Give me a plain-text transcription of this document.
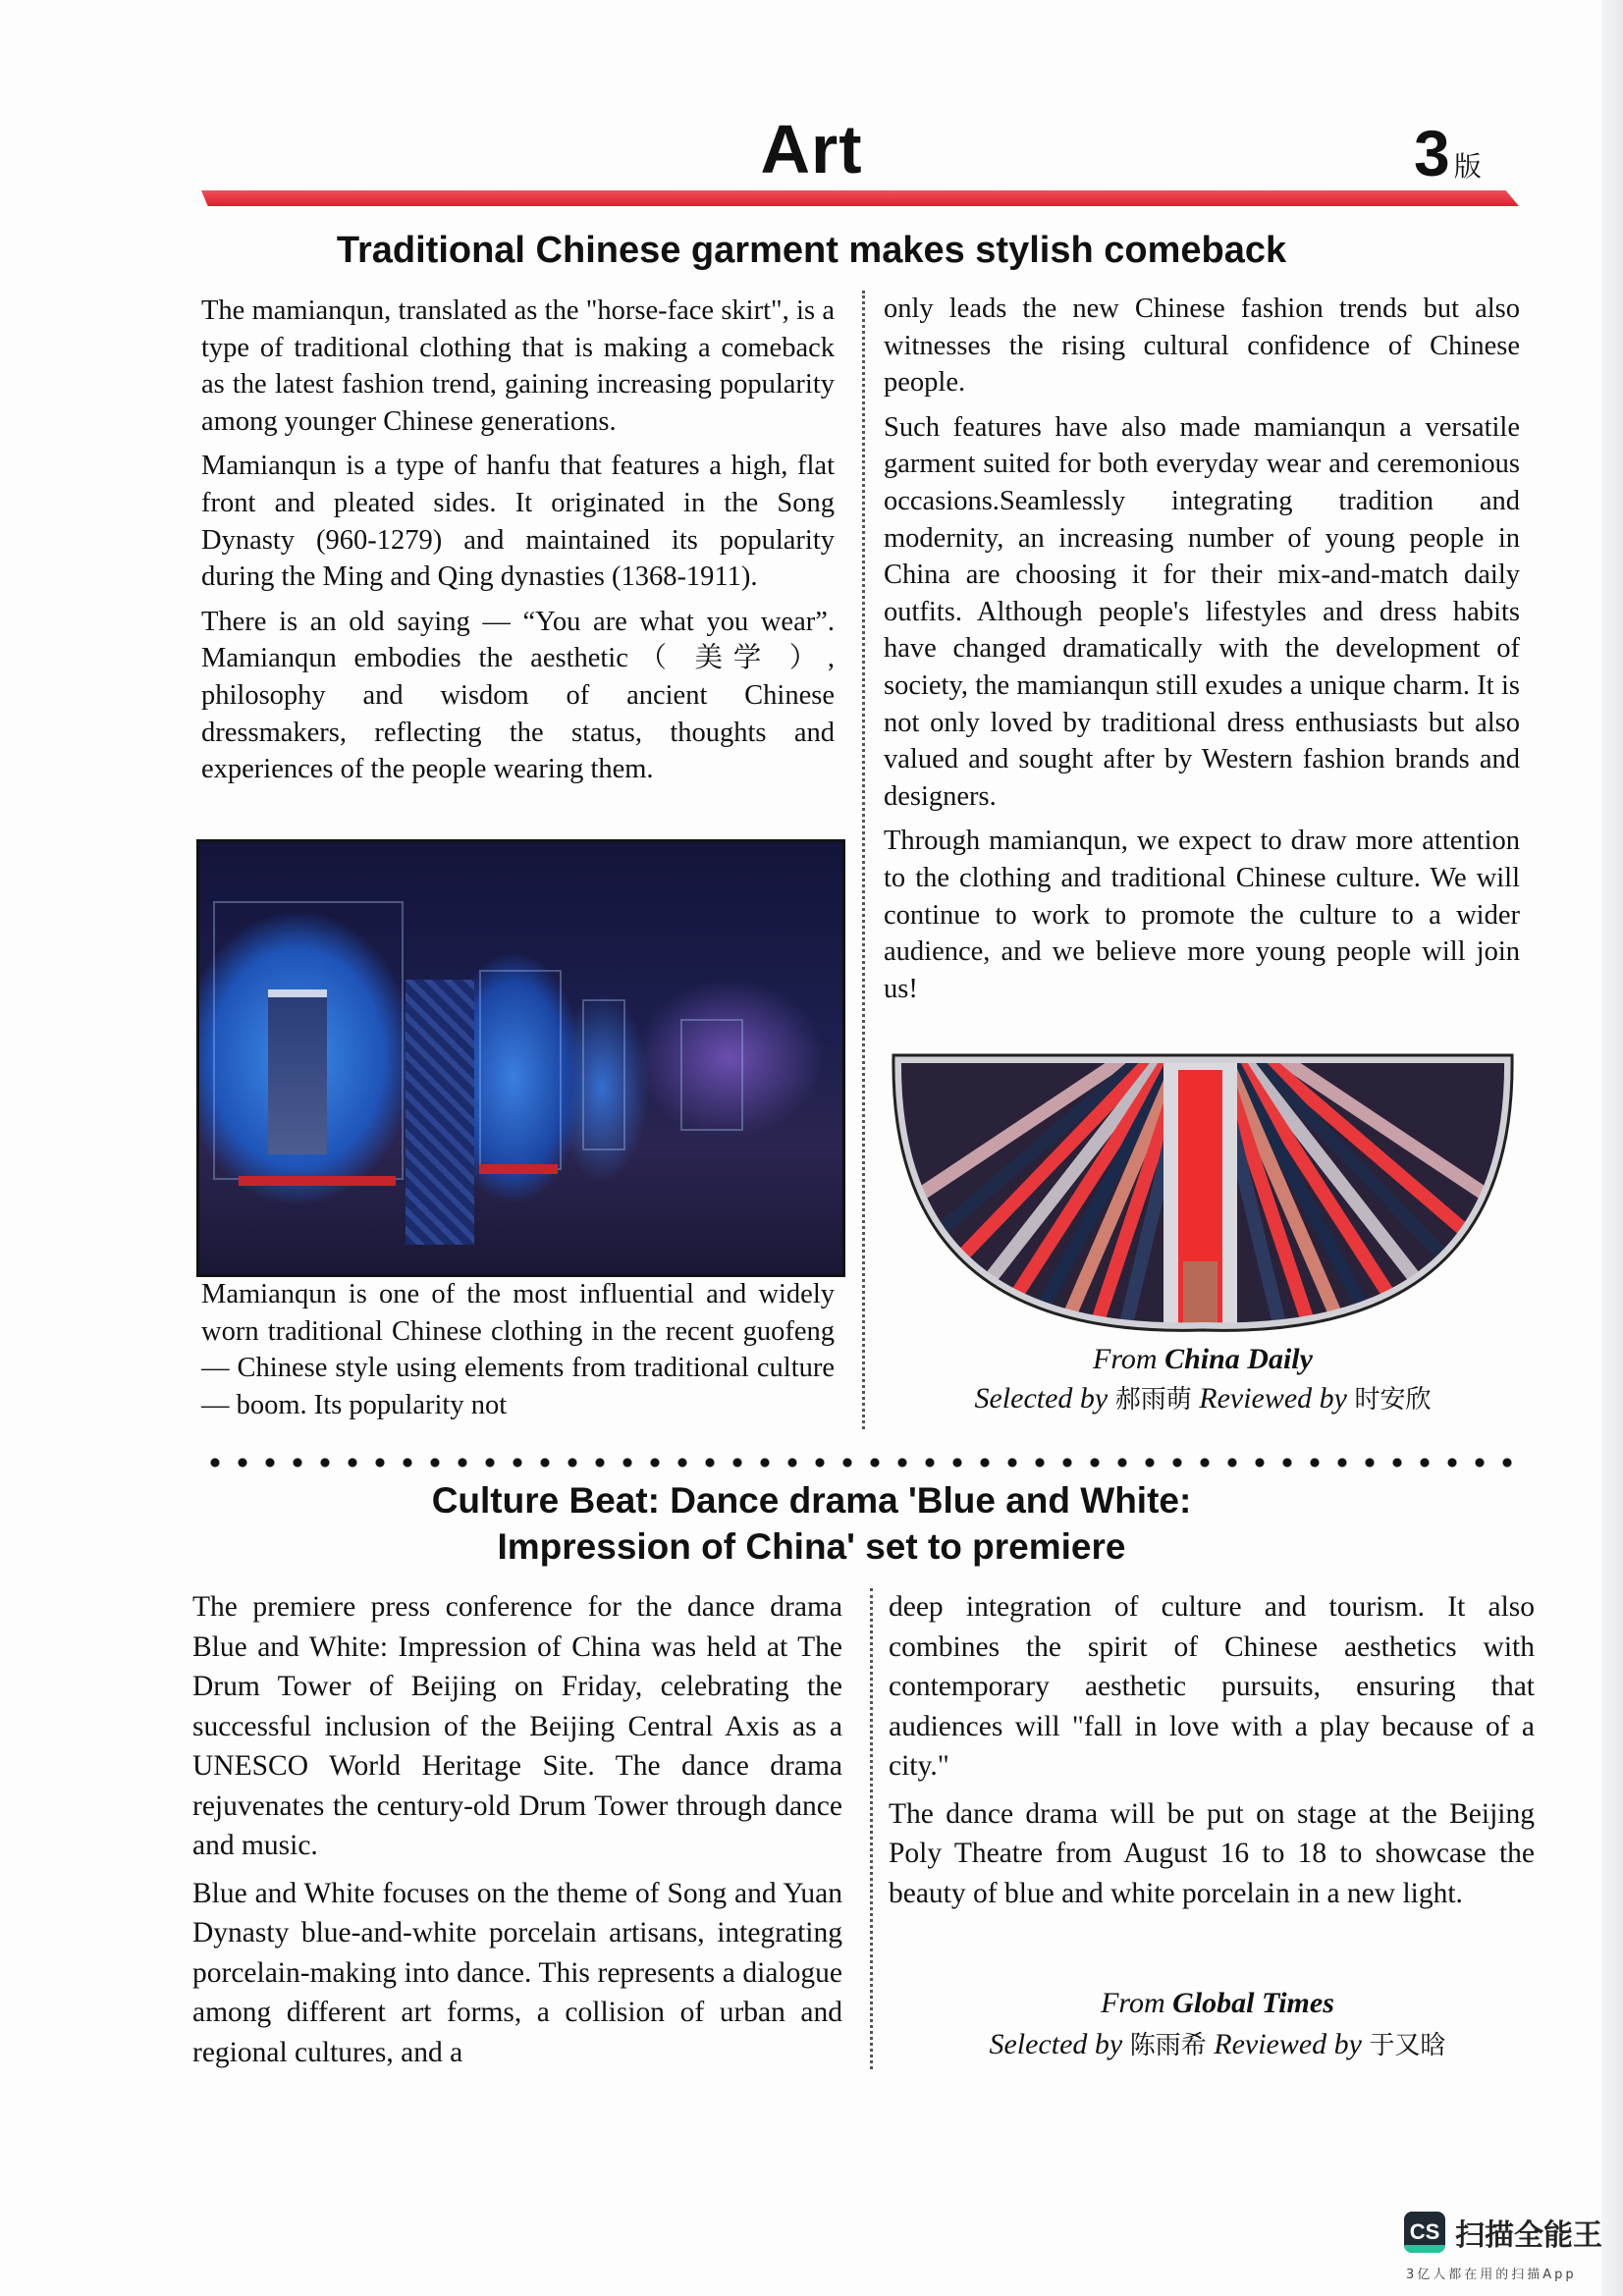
Art	3 版
Traditional Chinese garment makes stylish comeback

The mamianqun, translated as the "horse-face skirt", is a type of traditional clothing that is making a comeback as the latest fashion trend, gaining increasing popularity among younger Chinese generations.

Mamianqun is a type of hanfu that features a high, flat front and pleated sides. It originated in the Song Dynasty (960-1279) and maintained its popularity during the Ming and Qing dynasties (1368-1911).

There is an old saying — “You are what you wear”. Mamianqun embodies the aesthetic（ 美学 ）, philosophy and wisdom of ancient Chinese dressmakers, reflecting the status, thoughts and experiences of the people wearing them.

Mamianqun is one of the most influential and widely worn traditional Chinese clothing in the recent guofeng — Chinese style using elements from traditional culture — boom. Its popularity not

only leads the new Chinese fashion trends but also witnesses the rising cultural confidence of Chinese people.

Such features have also made mamianqun a versatile garment suited for both everyday wear and ceremonious occasions.Seamlessly integrating tradition and modernity, an increasing number of young people in China are choosing it for their mix-and-match daily outfits. Although people's lifestyles and dress habits have changed dramatically with the development of society, the mamianqun still exudes a unique charm. It is not only loved by traditional dress enthusiasts but also valued and sought after by Western fashion brands and designers.

Through mamianqun, we expect to draw more attention to the clothing and traditional Chinese culture. We will continue to work to promote the culture to a wider audience, and we believe more young people will join us!

From China Daily
Selected by 郝雨萌 Reviewed by 时安欣
Culture Beat: Dance drama 'Blue and White:
Impression of China' set to premiere

The premiere press conference for the dance drama Blue and White: Impression of China was held at The Drum Tower of Beijing on Friday, celebrating the successful inclusion of the Beijing Central Axis as a UNESCO World Heritage Site. The dance drama rejuvenates the century-old Drum Tower through dance and music.

Blue and White focuses on the theme of Song and Yuan Dynasty blue-and-white porcelain artisans, integrating porcelain-making into dance. This represents a dialogue among different art forms, a collision of urban and regional cultures, and a

deep integration of culture and tourism. It also combines the spirit of Chinese aesthetics with contemporary aesthetic pursuits, ensuring that audiences will "fall in love with a play because of a city."

The dance drama will be put on stage at the Beijing Poly Theatre from August 16 to 18 to showcase the beauty of blue and white porcelain in a new light.

From Global Times
Selected by 陈雨希 Reviewed by 于又晗
CS 扫描全能王
3亿人都在用的扫描App
